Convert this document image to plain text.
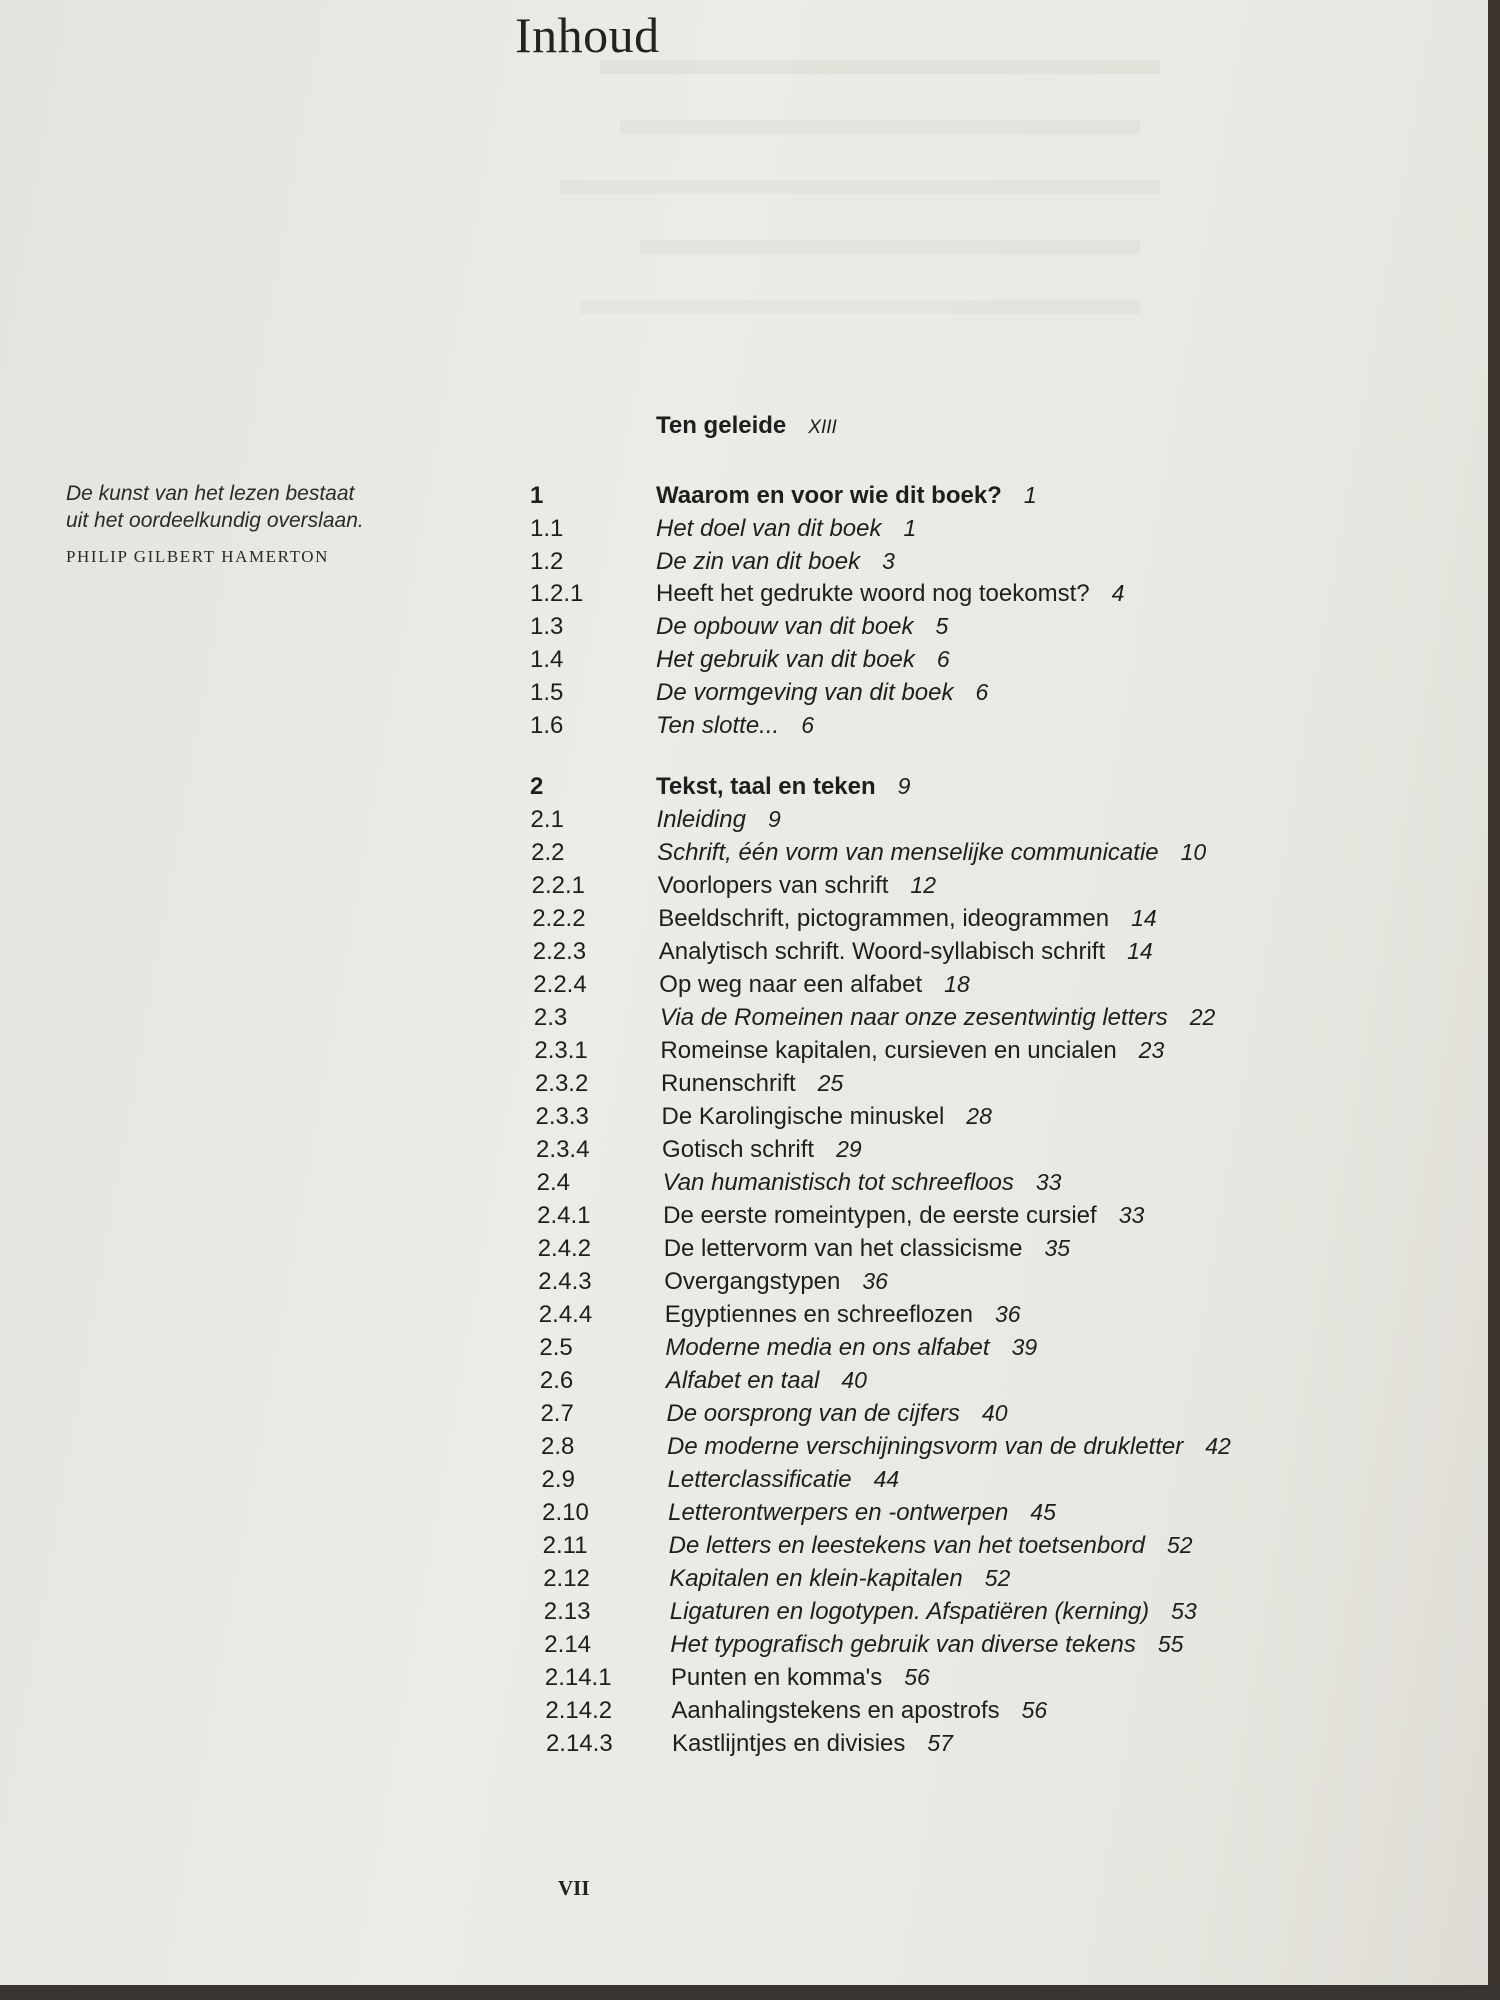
Inhoud
De kunst van het lezen bestaat
uit het oordeelkundig overslaan.
PHILIP GILBERT HAMERTON
Ten geleide XIII
1	Waarom en voor wie dit boek? 1
1.1	Het doel van dit boek 1
1.2	De zin van dit boek 3
1.2.1	Heeft het gedrukte woord nog toekomst? 4
1.3	De opbouw van dit boek 5
1.4	Het gebruik van dit boek 6
1.5	De vormgeving van dit boek 6
1.6	Ten slotte... 6
2	Tekst, taal en teken 9
2.1	Inleiding 9
2.2	Schrift, één vorm van menselijke communicatie 10
2.2.1	Voorlopers van schrift 12
2.2.2	Beeldschrift, pictogrammen, ideogrammen 14
2.2.3	Analytisch schrift. Woord-syllabisch schrift 14
2.2.4	Op weg naar een alfabet 18
2.3	Via de Romeinen naar onze zesentwintig letters 22
2.3.1	Romeinse kapitalen, cursieven en uncialen 23
2.3.2	Runenschrift 25
2.3.3	De Karolingische minuskel 28
2.3.4	Gotisch schrift 29
2.4	Van humanistisch tot schreefloos 33
2.4.1	De eerste romeintypen, de eerste cursief 33
2.4.2	De lettervorm van het classicisme 35
2.4.3	Overgangstypen 36
2.4.4	Egyptiennes en schreeflozen 36
2.5	Moderne media en ons alfabet 39
2.6	Alfabet en taal 40
2.7	De oorsprong van de cijfers 40
2.8	De moderne verschijningsvorm van de drukletter 42
2.9	Letterclassificatie 44
2.10	Letterontwerpers en -ontwerpen 45
2.11	De letters en leestekens van het toetsenbord 52
2.12	Kapitalen en klein-kapitalen 52
2.13	Ligaturen en logotypen. Afspatiëren (kerning) 53
2.14	Het typografisch gebruik van diverse tekens 55
2.14.1	Punten en komma's 56
2.14.2	Aanhalingstekens en apostrofs 56
2.14.3	Kastlijntjes en divisies 57
VII
